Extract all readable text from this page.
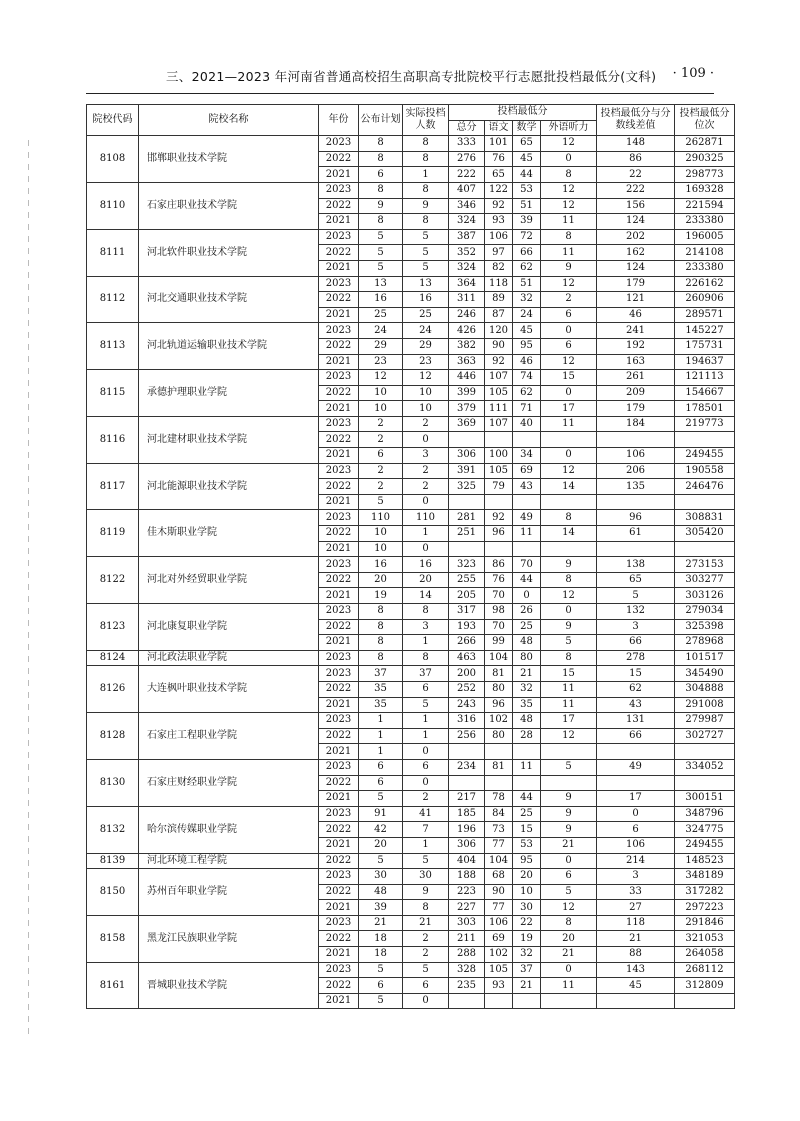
三、2021—2023 年河南省普通高校招生高职高专批院校平行志愿批投档最低分(文科) · 109 ·
院校代码	院校名称	年份	公布计划	实际投档人数	投档最低分				投档最低分与分数线差值	投档最低分位次
					总分	语文	数学	外语听力		
8108	邯郸职业技术学院	2023	8	8	333	101	65	12	148	262871
		2022	8	8	276	76	45	0	86	290325
		2021	6	1	222	65	44	8	22	298773
8110	石家庄职业技术学院	2023	8	8	407	122	53	12	222	169328
		2022	9	9	346	92	51	12	156	221594
		2021	8	8	324	93	39	11	124	233380
8111	河北软件职业技术学院	2023	5	5	387	106	72	8	202	196005
		2022	5	5	352	97	66	11	162	214108
		2021	5	5	324	82	62	9	124	233380
8112	河北交通职业技术学院	2023	13	13	364	118	51	12	179	226162
		2022	16	16	311	89	32	2	121	260906
		2021	25	25	246	87	24	6	46	289571
8113	河北轨道运输职业技术学院	2023	24	24	426	120	45	0	241	145227
		2022	29	29	382	90	95	6	192	175731
		2021	23	23	363	92	46	12	163	194637
8115	承德护理职业学院	2023	12	12	446	107	74	15	261	121113
		2022	10	10	399	105	62	0	209	154667
		2021	10	10	379	111	71	17	179	178501
8116	河北建材职业技术学院	2023	2	2	369	107	40	11	184	219773
		2022	2	0						
		2021	6	3	306	100	34	0	106	249455
8117	河北能源职业技术学院	2023	2	2	391	105	69	12	206	190558
		2022	2	2	325	79	43	14	135	246476
		2021	5	0						
8119	佳木斯职业学院	2023	110	110	281	92	49	8	96	308831
		2022	10	1	251	96	11	14	61	305420
		2021	10	0						
8122	河北对外经贸职业学院	2023	16	16	323	86	70	9	138	273153
		2022	20	20	255	76	44	8	65	303277
		2021	19	14	205	70	0	12	5	303126
8123	河北康复职业学院	2023	8	8	317	98	26	0	132	279034
		2022	8	3	193	70	25	9	3	325398
		2021	8	1	266	99	48	5	66	278968
8124	河北政法职业学院	2023	8	8	463	104	80	8	278	101517
8126	大连枫叶职业技术学院	2023	37	37	200	81	21	15	15	345490
		2022	35	6	252	80	32	11	62	304888
		2021	35	5	243	96	35	11	43	291008
8128	石家庄工程职业学院	2023	1	1	316	102	48	17	131	279987
		2022	1	1	256	80	28	12	66	302727
		2021	1	0						
8130	石家庄财经职业学院	2023	6	6	234	81	11	5	49	334052
		2022	6	0						
		2021	5	2	217	78	44	9	17	300151
8132	哈尔滨传媒职业学院	2023	91	41	185	84	25	9	0	348796
		2022	42	7	196	73	15	9	6	324775
		2021	20	1	306	77	53	21	106	249455
8139	河北环境工程学院	2022	5	5	404	104	95	0	214	148523
8150	苏州百年职业学院	2023	30	30	188	68	20	6	3	348189
		2022	48	9	223	90	10	5	33	317282
		2021	39	8	227	77	30	12	27	297223
8158	黑龙江民族职业学院	2023	21	21	303	106	22	8	118	291846
		2022	18	2	211	69	19	20	21	321053
		2021	18	2	288	102	32	21	88	264058
8161	晋城职业技术学院	2023	5	5	328	105	37	0	143	268112
		2022	6	6	235	93	21	11	45	312809
		2021	5	0						
